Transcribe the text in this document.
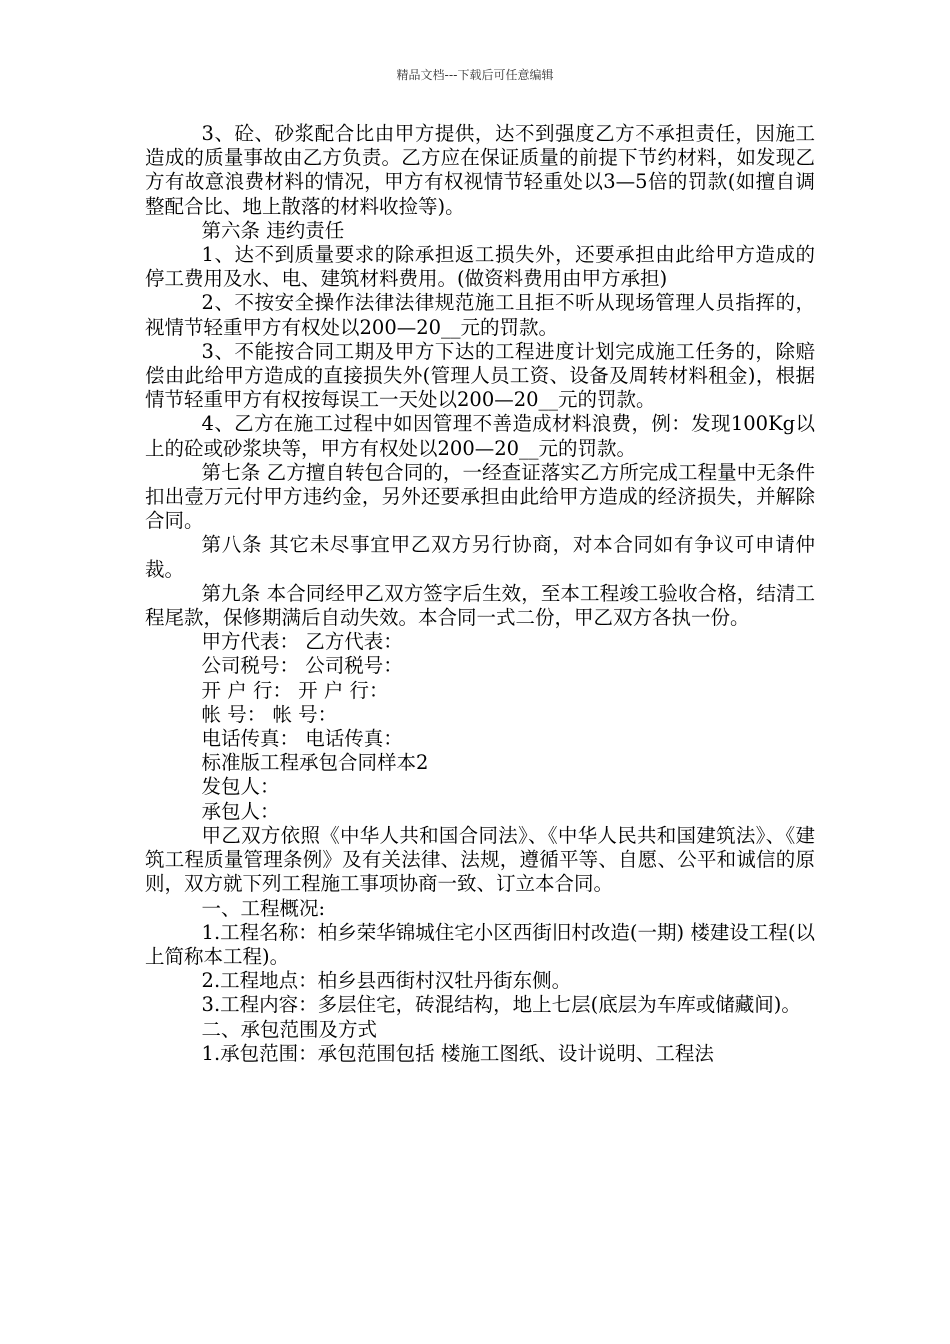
精品文档---下载后可任意编辑

3、砼、砂浆配合比由甲方提供，达不到强度乙方不承担责任，因施工造成的质量事故由乙方负责。乙方应在保证质量的前提下节约材料，如发现乙方有故意浪费材料的情况，甲方有权视情节轻重处以3—5倍的罚款(如擅自调整配合比、地上散落的材料收捡等)。

第六条 违约责任

1、达不到质量要求的除承担返工损失外，还要承担由此给甲方造成的停工费用及水、电、建筑材料费用。(做资料费用由甲方承担)

2、不按安全操作法律法律规范施工且拒不听从现场管理人员指挥的，视情节轻重甲方有权处以200—20__元的罚款。

3、不能按合同工期及甲方下达的工程进度计划完成施工任务的，除赔偿由此给甲方造成的直接损失外(管理人员工资、设备及周转材料租金)，根据情节轻重甲方有权按每误工一天处以200—20__元的罚款。

4、乙方在施工过程中如因管理不善造成材料浪费，例：发现100Kg以上的砼或砂浆块等，甲方有权处以200—20__元的罚款。

第七条 乙方擅自转包合同的，一经查证落实乙方所完成工程量中无条件扣出壹万元付甲方违约金，另外还要承担由此给甲方造成的经济损失，并解除合同。

第八条 其它未尽事宜甲乙双方另行协商，对本合同如有争议可申请仲裁。

第九条 本合同经甲乙双方签字后生效，至本工程竣工验收合格，结清工程尾款，保修期满后自动失效。本合同一式二份，甲乙双方各执一份。

甲方代表： 乙方代表：

公司税号： 公司税号：

开 户 行： 开 户 行：

帐 号： 帐 号：

电话传真： 电话传真：

标准版工程承包合同样本2

发包人：

承包人：

甲乙双方依照《中华人共和国合同法》、《中华人民共和国建筑法》、《建筑工程质量管理条例》及有关法律、法规，遵循平等、自愿、公平和诚信的原则，双方就下列工程施工事项协商一致、订立本合同。

一、工程概况:

1.工程名称：柏乡荣华锦城住宅小区西街旧村改造(一期) 楼建设工程(以上简称本工程)。

2.工程地点：柏乡县西街村汉牡丹街东侧。

3.工程内容：多层住宅，砖混结构，地上七层(底层为车库或储藏间)。

二、承包范围及方式

1.承包范围：承包范围包括 楼施工图纸、设计说明、工程法
